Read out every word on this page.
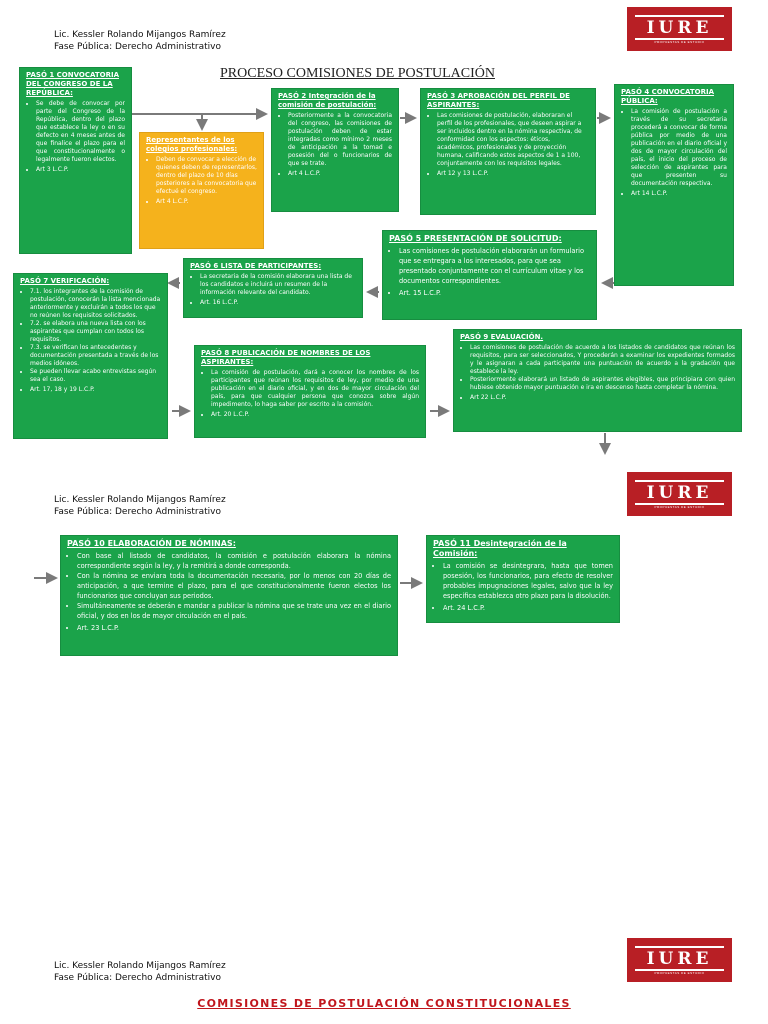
Lic. Kessler Rolando Mijangos Ramírez
Fase Pública: Derecho Administrativo
IURE
PROPUESTAS DE ESTUDIO
PROCESO COMISIONES DE POSTULACIÓN
PASÓ 1 CONVOCATORIA DEL CONGRESO DE LA REPÚBLICA:
• Se debe de convocar por parte del Congreso de la República, dentro del plazo que establece la ley o en su defecto en 4 meses antes de que finalice el plazo para el que constitucionalmente o legalmente fueron electos.
• Art 3 L.C.P.
Representantes de los colegios profesionales:
• Deben de convocar a elección de quienes deben de representarlos, dentro del plazo de 10 días posteriores a la convocatoria que efectué el congreso.
• Art 4 L.C.P.
PASÓ 2 Integración de la comisión de postulación:
• Posteriormente a la convocatoria del congreso, las comisiones de postulación deben de estar integradas como mínimo 2 meses de anticipación a la tomad e posesión del o funcionarios de que se trate.
• Art 4 L.C.P.
PASÓ 3 APROBACIÓN DEL PERFIL DE ASPIRANTES:
• Las comisiones de postulación, elaboraran el perfil de los profesionales, que deseen aspirar a ser incluidos dentro en la nómina respectiva, de conformidad con los aspectos: éticos, académicos, profesionales y de proyección humana, calificando estos aspectos de 1 a 100, conjuntamente con los requisitos legales.
• Art 12 y 13 L.C.P.
PASÓ 4 CONVOCATORIA PÚBLICA:
• La comisión de postulación a través de su secretaria procederá a convocar de forma pública por medio de una publicación en el diario oficial y dos de mayor circulación del país, el inicio del proceso de selección de aspirantes para que presenten su documentación respectiva.
• Art 14 L.C.P.
PASÓ 5 PRESENTACIÓN DE SOLICITUD:
• Las comisiones de postulación elaborarán un formulario que se entregara a los interesados, para que sea presentado conjuntamente con el currículum vitae y los documentos correspondientes.
• Art. 15 L.C.P.
PASÓ 6 LISTA DE PARTICIPANTES:
• La secretaria de la comisión elaborara una lista de los candidatos e incluirá un resumen de la información relevante del candidato.
• Art. 16 L.C.P.
PASÓ 7 VERIFICACIÓN:
• 7.1. los integrantes de la comisión de postulación, conocerán la lista mencionada anteriormente y excluirán a todos los que no reúnen los requisitos solicitados.
• 7.2. se elabora una nueva lista con los aspirantes que cumplan con todos los requisitos.
• 7.3. se verifican los antecedentes y documentación presentada a través de los medios idóneos.
• Se pueden llevar acabo entrevistas según sea el caso.
• Art. 17, 18 y 19 L.C.P.
PASÓ 8 PUBLICACIÓN DE NOMBRES DE LOS ASPIRANTES:
• La comisión de postulación, dará a conocer los nombres de los participantes que reúnan los requisitos de ley, por medio de una publicación en el diario oficial, y en dos de mayor circulación del país, para que cualquier persona que conozca sobre algún impedimento, lo haga saber por escrito a la comisión.
• Art. 20 L.C.P.
PASÓ 9 EVALUACIÓN.
• Las comisiones de postulación de acuerdo a los listados de candidatos que reúnan los requisitos, para ser seleccionados, Y procederán a examinar los expedientes formados y le asignaran a cada participante una puntuación de acuerdo a la gradación que establece la ley.
• Posteriormente elaborará un listado de aspirantes elegibles, que principiara con quien hubiese obtenido mayor puntuación e ira en descenso hasta completar la nómina.
• Art 22 L.C.P.
Lic. Kessler Rolando Mijangos Ramírez
Fase Pública: Derecho Administrativo
IURE
PROPUESTAS DE ESTUDIO
PASÓ 10 ELABORACIÓN DE NÓMINAS:
• Con base al listado de candidatos, la comisión e postulación elaborara la nómina correspondiente según la ley, y la remitirá a donde corresponda.
• Con la nómina se enviara toda la documentación necesaria, por lo menos con 20 días de anticipación, a que termine el plazo, para el que constitucionalmente fueron electos los funcionarios que concluyan sus periodos.
• Simultáneamente se deberán e mandar a publicar la nómina que se trate una vez en el diario oficial, y dos en los de mayor circulación en el país.
• Art. 23 L.C.P.
PASÓ 11 Desintegración de la Comisión:
• La comisión se desintegrara, hasta que tomen posesión, los funcionarios, para efecto de resolver probables impugnaciones legales, salvo que la ley especifica establezca otro plazo para la disolución.
• Art. 24 L.C.P.
Lic. Kessler Rolando Mijangos Ramírez
Fase Pública: Derecho Administrativo
IURE
PROPUESTAS DE ESTUDIO
COMISIONES DE POSTULACIÓN CONSTITUCIONALES
